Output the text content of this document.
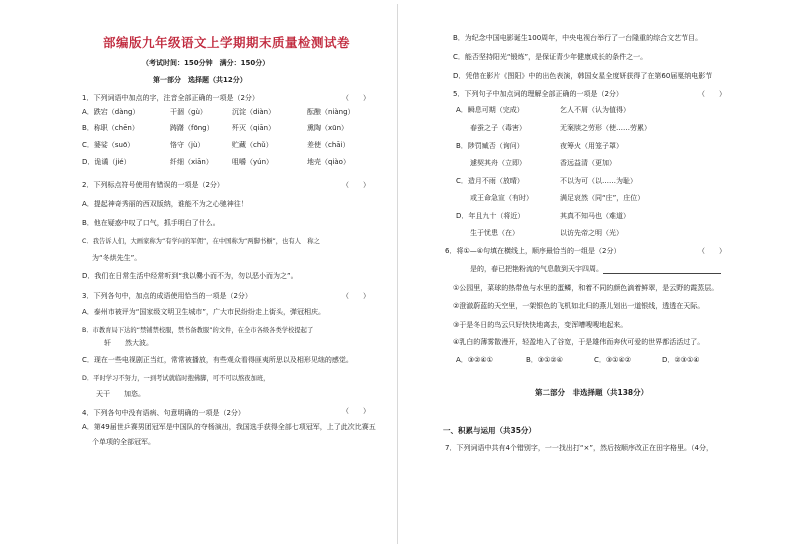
部编版九年级语文上学期期末质量检测试卷
（考试时间：150分钟　满分：150分）
第一部分　选择题（共12分）
1．下列词语中加点的字，注音全部正确的一项是（2分）	（　　）
A．跌宕（dàng）	干涸（gù）	沉淀（diàn）	酝酿（niàng）
B．称职（chēn）	踌躇（fōng）	歼灭（qiān）	熏陶（xūn）
C．婆娑（suō）	恪守（jù）	贮藏（chǔ）	差使（chāi）
D．诡谲（jié）	纤细（xiān）	咀嚼（yún）	地壳（qiào）
2．下列标点符号使用有错误的一项是（2分）	（　　）
A．提起神奇秀丽的西双版纳，谁能不为之心驰神往！
B．他在疑惑中叹了口气，抓手明白了什么。
C．我告诉人们，大画家称为“有学问的军佣”，在中国称为“两脚书橱”，也有人　称之
为“冬烘先生”。
D．我们在日常生活中经常听到“我以爨小而不为，勿以恶小而为之”。
3．下列各句中，加点的成语使用恰当的一项是（2分）	（　　）
A．泰州市被评为“国家级文明卫生城市”，广大市民纷纷走上街头，弹冠相庆。
B．市教育局下达的“禁铺禁校服，禁书备教服”的文件，在全市各级各类学校提起了
轩　　然大波。
C．现在一些电视剧正当红，常常被播放，有些观众看得匪夷所思以及相形见绌的感觉。
D．平时学习不努力，一到考试就临时抱佛脚，可不可以熬夜加班，
天干　　加恣。
4．下列各句中没有语病、句意明确的一项是（2分）	（　　）
A．第49届世乒赛男团冠军是中国队的夺杨演出，我国选手获得全部七项冠军，上了此次比赛五
个单项的全部冠军。
B．为纪念中国电影诞生100周年，中央电视台举行了一台隆重的综合文艺节目。
C．能否坚持阳光“锻炼”，是保证青少年健康成长的条件之一。
D．凭借在影片《图阳》中的出色表演，韩国女星全度妍获得了在第60届戛纳电影节
5．下列句子中加点词的理解全部正确的一项是（2分）	（　　）
A．瞬息可期（完成）	乞人不屑（认为值得）
　　春蚕之子（毒害）	无案牍之劳形（使……劳累）
B．陟罚臧否（询问）	夜筹火（用笼子罩）
　　遽契其舟（立即）	香远益清（更加）
C．造月不雨（放晴）	不以为可（以……为耻）
　　或王命急宣（有时）	满足哀然（同“庄”，庄位）
D．年且九十（将近）	其真不知马也（难道）
　　生于忧患（在）	以访先帝之明（光）
6．将①—④句填在横线上，顺序最恰当的一组是（2分）	（　　）
是的，春已把艳粉流的气息散到天宇四周。
①公园里，菜球的热带鱼与水里的蛋鳞，和着不同的颜色滴着鲜翠，是云野的霞蒸层。
②澄澈蔚蓝的天空里，一架银色的飞机如北归的燕儿划出一道银线，透透在天际。
③于是冬日的鸟云只好快快地离去，变浑嘈嗖嗖地起来。
④乳白的薄雾散漫开，轻盈地入了谷宽，于是雄伟而奔伙可爱的世界都活活过了。
A．③②④①	B．③①②④	C．③①④②	D．②③①④
第二部分　非选择题（共138分）
一、积累与运用（共35分）
7．下列词语中共有4个错别字，一一找出打“×”，然后按顺序改正在田字格里。（4分，
